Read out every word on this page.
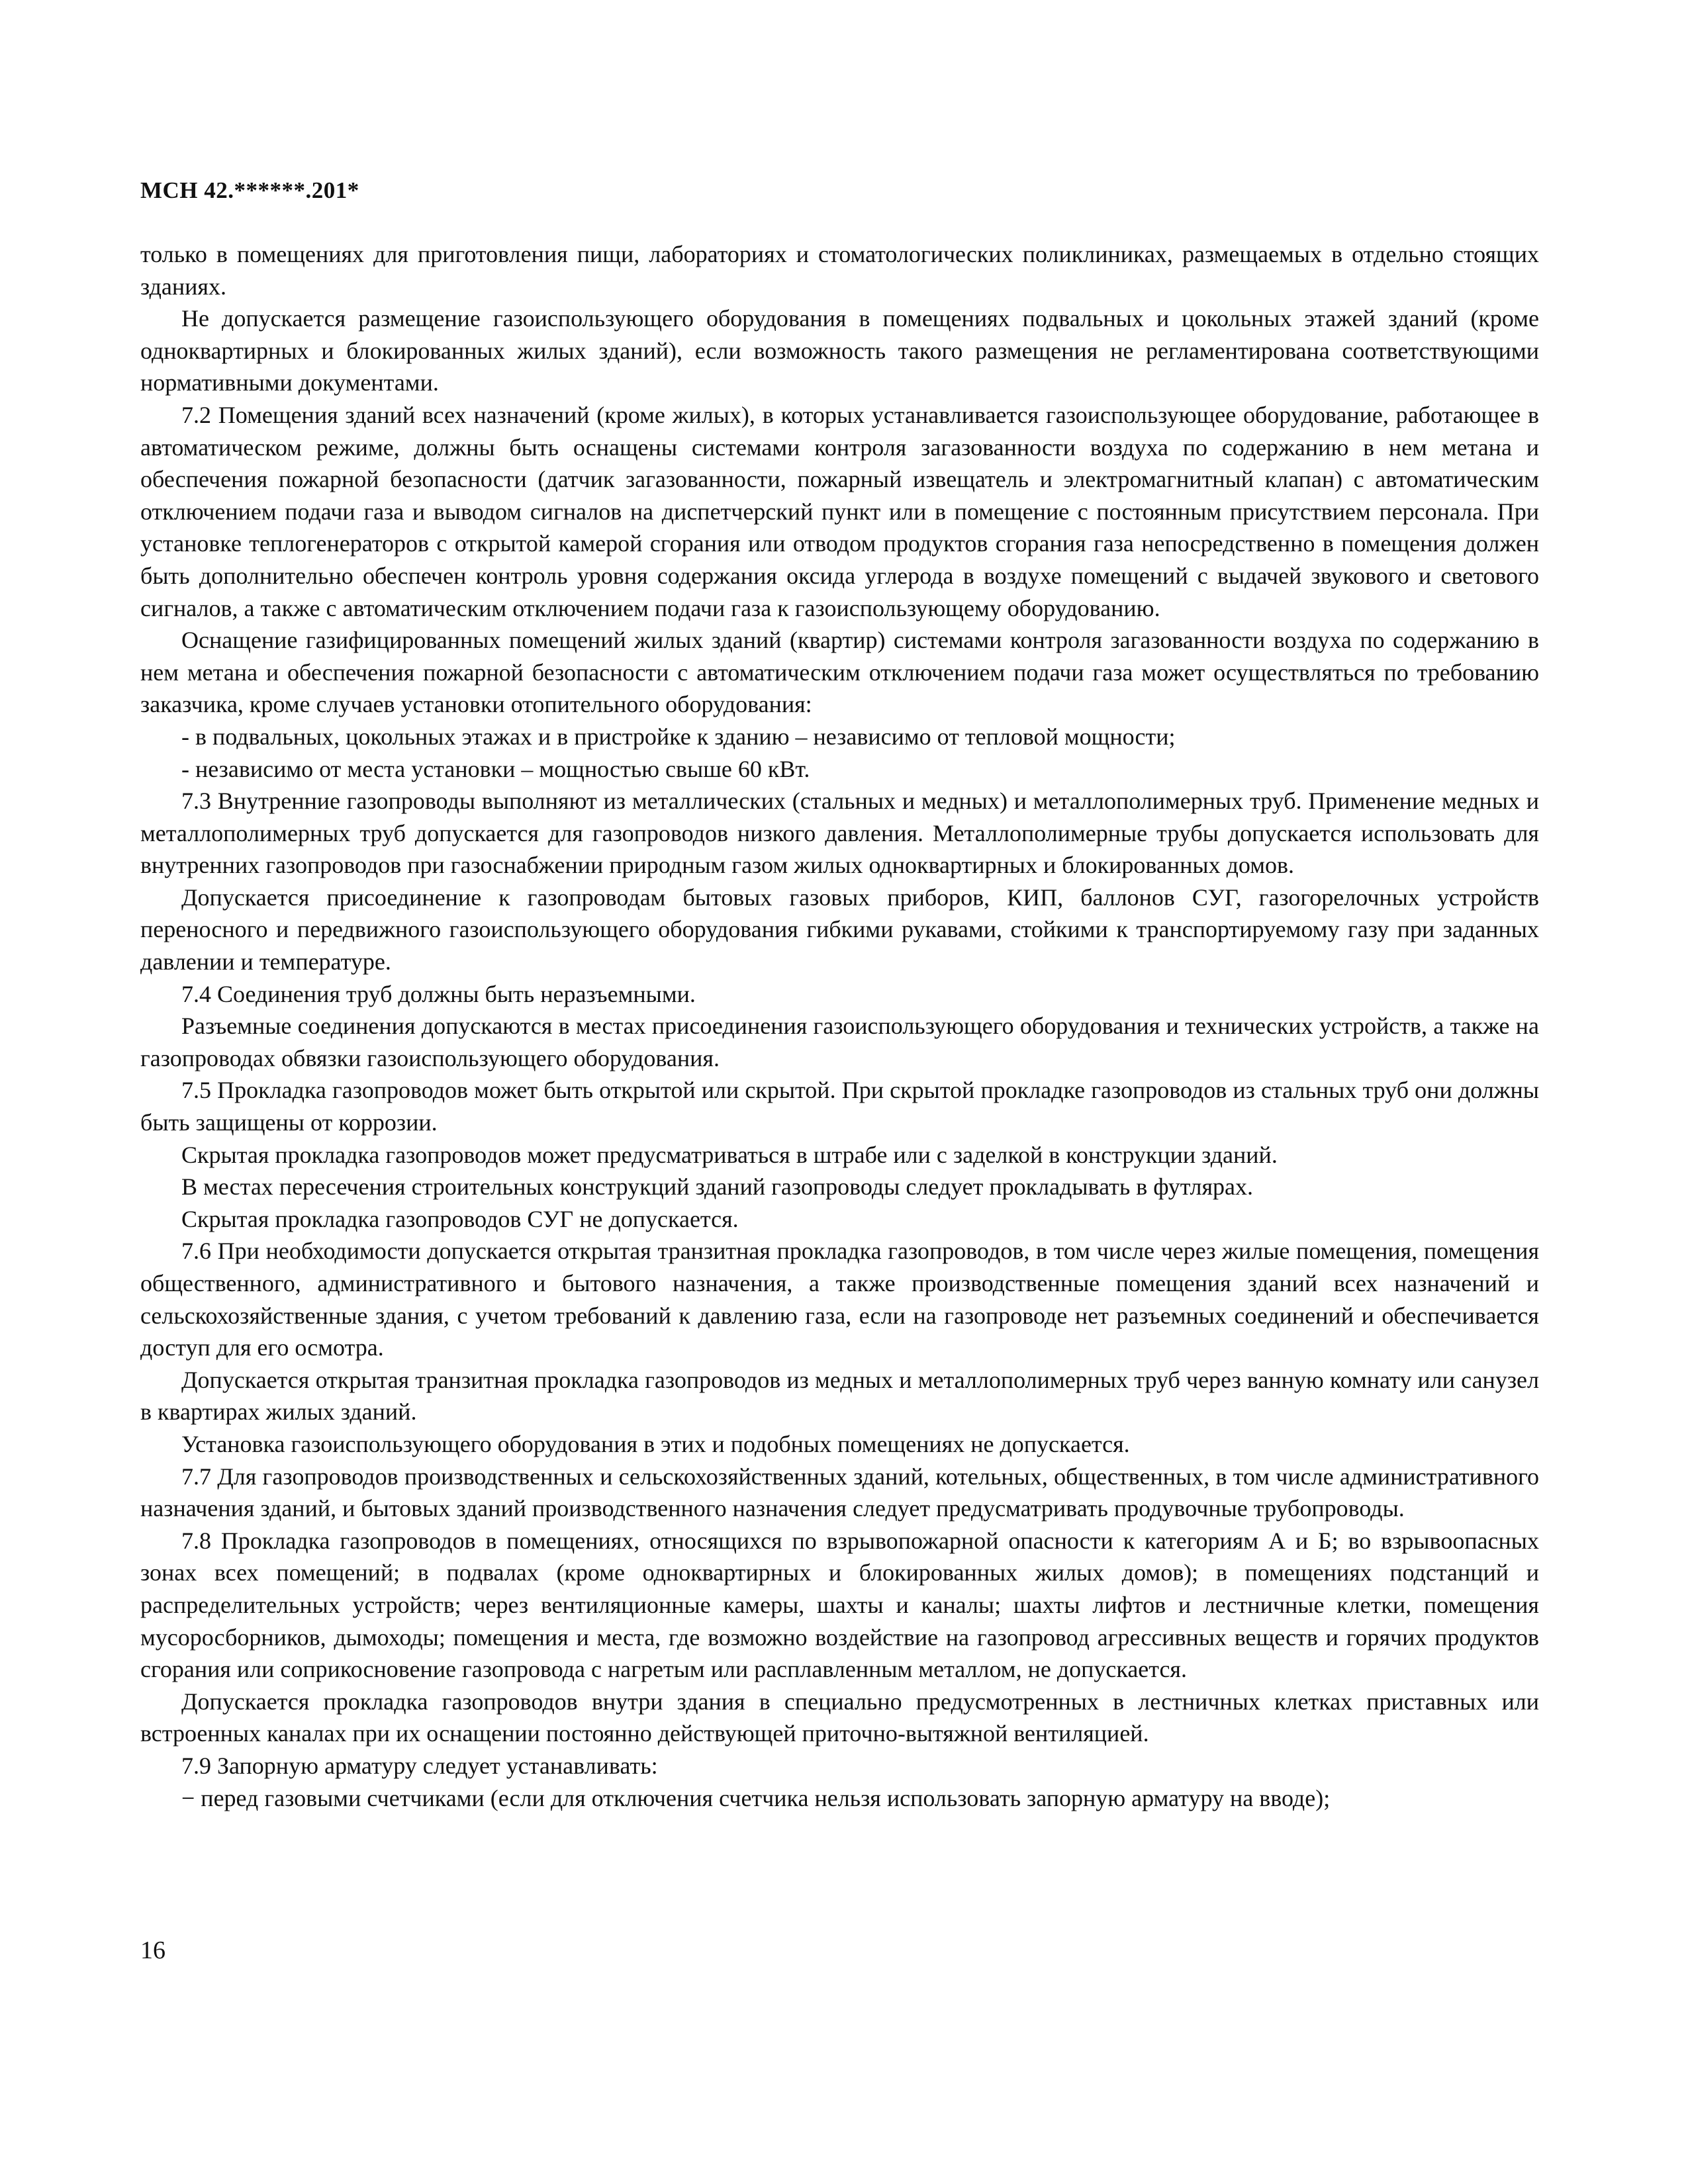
МСН 42.******.201*

только в помещениях для приготовления пищи, лабораториях и стоматологических поликлиниках, размещаемых в отдельно стоящих зданиях.

Не допускается размещение газоиспользующего оборудования в помещениях подвальных и цокольных этажей зданий (кроме одноквартирных и блокированных жилых зданий), если возможность такого размещения не регламентирована соответствующими нормативными документами.

7.2 Помещения зданий всех назначений (кроме жилых), в которых устанавливается газоиспользующее оборудование, работающее в автоматическом режиме, должны быть оснащены системами контроля загазованности воздуха по содержанию в нем метана и обеспечения пожарной безопасности (датчик загазованности, пожарный извещатель и электромагнитный клапан) с автоматическим отключением подачи газа и выводом сигналов на диспетчерский пункт или в помещение с постоянным присутствием персонала. При установке теплогенераторов с открытой камерой сгорания или отводом продуктов сгорания газа непосредственно в помещения должен быть дополнительно обеспечен контроль уровня содержания оксида углерода в воздухе помещений с выдачей звукового и светового сигналов, а также с автоматическим отключением подачи газа к газоиспользующему оборудованию.

Оснащение газифицированных помещений жилых зданий (квартир) системами контроля загазованности воздуха по содержанию в нем метана и обеспечения пожарной безопасности с автоматическим отключением подачи газа может осуществляться по требованию заказчика, кроме случаев установки отопительного оборудования:

- в подвальных, цокольных этажах и в пристройке к зданию – независимо от тепловой мощности;

- независимо от места установки – мощностью свыше 60 кВт.

7.3 Внутренние газопроводы выполняют из металлических (стальных и медных) и металлополимерных труб. Применение медных и металлополимерных труб допускается для газопроводов низкого давления. Металлополимерные трубы допускается использовать для внутренних газопроводов при газоснабжении природным газом жилых одноквартирных и блокированных домов.

Допускается присоединение к газопроводам бытовых газовых приборов, КИП, баллонов СУГ, газогорелочных устройств переносного и передвижного газоиспользующего оборудования гибкими рукавами, стойкими к транспортируемому газу при заданных давлении и температуре.

7.4 Соединения труб должны быть неразъемными.

Разъемные соединения допускаются в местах присоединения газоиспользующего оборудования и технических устройств, а также на газопроводах обвязки газоиспользующего оборудования.

7.5 Прокладка газопроводов может быть открытой или скрытой. При скрытой прокладке газопроводов из стальных труб они должны быть защищены от коррозии.

Скрытая прокладка газопроводов может предусматриваться в штрабе или с заделкой в конструкции зданий.

В местах пересечения строительных конструкций зданий газопроводы следует прокладывать в футлярах.

Скрытая прокладка газопроводов СУГ не допускается.

7.6 При необходимости допускается открытая транзитная прокладка газопроводов, в том числе через жилые помещения, помещения общественного, административного и бытового назначения, а также производственные помещения зданий всех назначений и сельскохозяйственные здания, с учетом требований к давлению газа, если на газопроводе нет разъемных соединений и обеспечивается доступ для его осмотра.

Допускается открытая транзитная прокладка газопроводов из медных и металлополимерных труб через ванную комнату или санузел в квартирах жилых зданий.

Установка газоиспользующего оборудования в этих и подобных помещениях не допускается.

7.7 Для газопроводов производственных и сельскохозяйственных зданий, котельных, общественных, в том числе административного назначения зданий, и бытовых зданий производственного назначения следует предусматривать продувочные трубопроводы.

7.8 Прокладка газопроводов в помещениях, относящихся по взрывопожарной опасности к категориям А и Б; во взрывоопасных зонах всех помещений; в подвалах (кроме одноквартирных и блокированных жилых домов); в помещениях подстанций и распределительных устройств; через вентиляционные камеры, шахты и каналы; шахты лифтов и лестничные клетки, помещения мусоросборников, дымоходы; помещения и места, где возможно воздействие на газопровод агрессивных веществ и горячих продуктов сгорания или соприкосновение газопровода с нагретым или расплавленным металлом, не допускается.

Допускается прокладка газопроводов внутри здания в специально предусмотренных в лестничных клетках приставных или встроенных каналах при их оснащении постоянно действующей приточно-вытяжной вентиляцией.

7.9 Запорную арматуру следует устанавливать:

− перед газовыми счетчиками (если для отключения счетчика нельзя использовать запорную арматуру на вводе);

16
